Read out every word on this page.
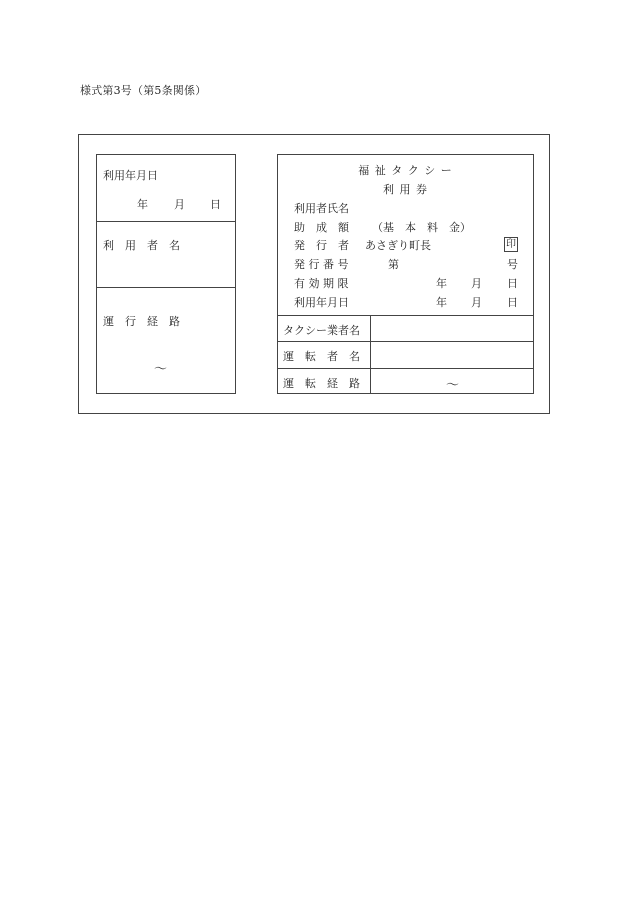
様式第3号（第5条関係）
利用年月日
年 月 日
利　用　者　名
運　行　経　路
～
福 祉 タ ク シ ー
利 用 券
利用者氏名
助　成　額 （基　本　料　金）
発　行　者 あさぎり町長	印
発 行 番 号	第	号
有 効 期 限	年 月 日
利用年月日	年 月 日
タクシー業者名
運　転　者　名
運　転　経　路	～
